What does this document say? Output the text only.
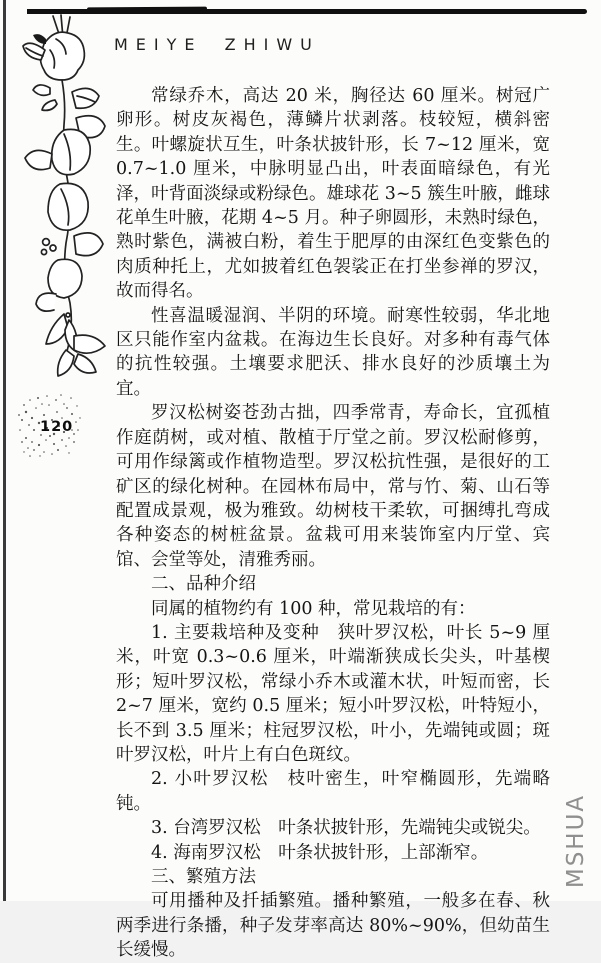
MEIYE ZHIWU
120

常绿乔木，高达 20 米，胸径达 60 厘米。树冠广卵形。树皮灰褐色，薄鳞片状剥落。枝较短，横斜密生。叶螺旋状互生，叶条状披针形，长 7~12 厘米，宽 0.7~1.0 厘米，中脉明显凸出，叶表面暗绿色，有光泽，叶背面淡绿或粉绿色。雄球花 3~5 簇生叶腋，雌球花单生叶腋，花期 4~5 月。种子卵圆形，未熟时绿色，熟时紫色，满被白粉，着生于肥厚的由深红色变紫色的肉质种托上，尤如披着红色袈裟正在打坐参禅的罗汉，故而得名。

性喜温暖湿润、半阴的环境。耐寒性较弱，华北地区只能作室内盆栽。在海边生长良好。对多种有毒气体的抗性较强。土壤要求肥沃、排水良好的沙质壤土为宜。

罗汉松树姿苍劲古拙，四季常青，寿命长，宜孤植作庭荫树，或对植、散植于厅堂之前。罗汉松耐修剪，可用作绿篱或作植物造型。罗汉松抗性强，是很好的工矿区的绿化树种。在园林布局中，常与竹、菊、山石等配置成景观，极为雅致。幼树枝干柔软，可捆缚扎弯成各种姿态的树桩盆景。盆栽可用来装饰室内厅堂、宾馆、会堂等处，清雅秀丽。

二、品种介绍

同属的植物约有 100 种，常见栽培的有：

1. 主要栽培种及变种　狭叶罗汉松，叶长 5~9 厘米，叶宽 0.3~0.6 厘米，叶端渐狭成长尖头，叶基楔形；短叶罗汉松，常绿小乔木或灌木状，叶短而密，长 2~7 厘米，宽约 0.5 厘米；短小叶罗汉松，叶特短小，长不到 3.5 厘米；柱冠罗汉松，叶小，先端钝或圆；斑叶罗汉松，叶片上有白色斑纹。

2. 小叶罗汉松　枝叶密生，叶窄椭圆形，先端略钝。

3. 台湾罗汉松　叶条状披针形，先端钝尖或锐尖。

4. 海南罗汉松　叶条状披针形，上部渐窄。

三、繁殖方法

可用播种及扦插繁殖。播种繁殖，一般多在春、秋两季进行条播，种子发芽率高达 80%~90%，但幼苗生长缓慢。

MSHUA
